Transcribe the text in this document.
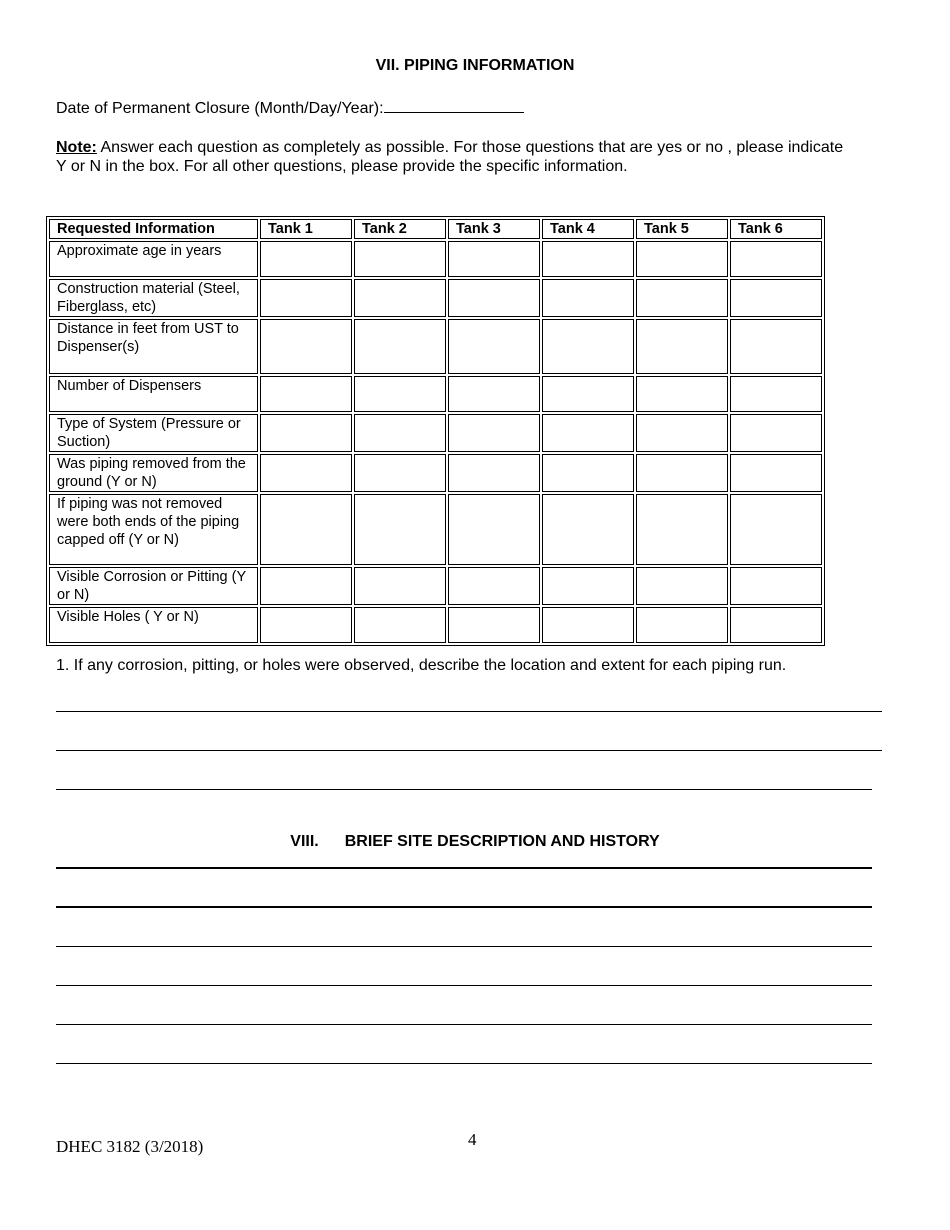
VII. PIPING INFORMATION
Date of Permanent Closure (Month/Day/Year):
Note: Answer each question as completely as possible. For those questions that are yes or no , please indicate Y or N in the box. For all other questions, please provide the specific information.
Requested Information	Tank 1	Tank 2	Tank 3	Tank 4	Tank 5	Tank 6
Approximate age in years						
Construction material (Steel, Fiberglass, etc)						
Distance in feet from UST to Dispenser(s)						
Number of Dispensers						
Type of System (Pressure or Suction)						
Was piping removed from the ground (Y or N)						
If piping was not removed were both ends of the piping capped off (Y or N)						
Visible Corrosion or Pitting (Y or N)						
Visible Holes ( Y or N)						
1. If any corrosion, pitting, or holes were observed, describe the location and extent for each piping run.
VIII. BRIEF SITE DESCRIPTION AND HISTORY
DHEC 3182 (3/2018)	4
